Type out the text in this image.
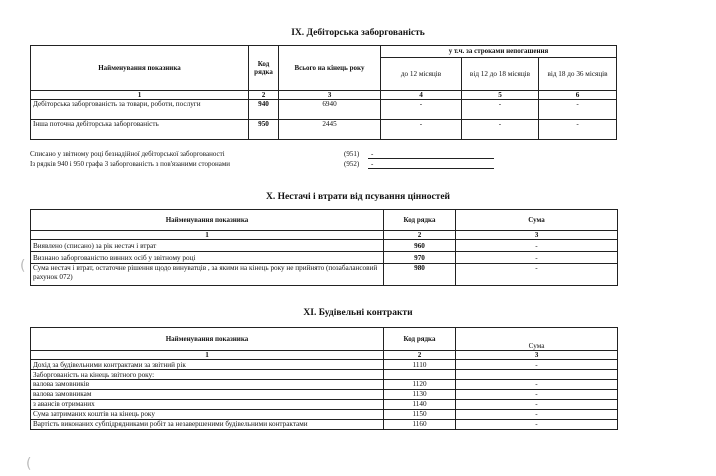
ІХ. Дебіторська заборгованість
Найменування показника	Код рядка	Всього на кінець року	у т.ч. за строками непогашення		
			до 12 місяців	від 12 до 18 місяців	від 18 до 36 місяців
1	2	3	4	5	6
Дебіторська заборгованість за товари, роботи, послуги	940	6940	-	-	-
Інша поточна дебіторська заборгованість	950	2445	-	-	-
Списано у звітному році безнадійної дебіторської заборгованості	(951) -
Із рядків 940 і 950 графа 3 заборгованість з пов'язаними сторонами	(952) -
X. Нестачі і втрати від псування цінностей
Найменування показника	Код рядка	Сума
1	2	3
Виявлено (списано) за рік нестач і втрат	960	-
Визнано заборгованістю винних осіб у звітному році	970	-
Сума нестач і втрат, остаточне рішення щодо винуватців , за якими на кінець року не прийнято (позабалансовий рахунок 072)	980	-
XI. Будівельні контракти
Найменування показника	Код рядка	Сума
1	2	3
Дохід за будівельними контрактами за звітний рік	1110	-
Заборгованість на кінець звітного року:		
валова замовників	1120	-
валова замовникам	1130	-
з авансів отриманих	1140	-
Сума затриманих коштів на кінець року	1150	-
Вартість виконаних субпідрядниками робіт за незавершеними будівельними контрактами	1160	-
(
(
